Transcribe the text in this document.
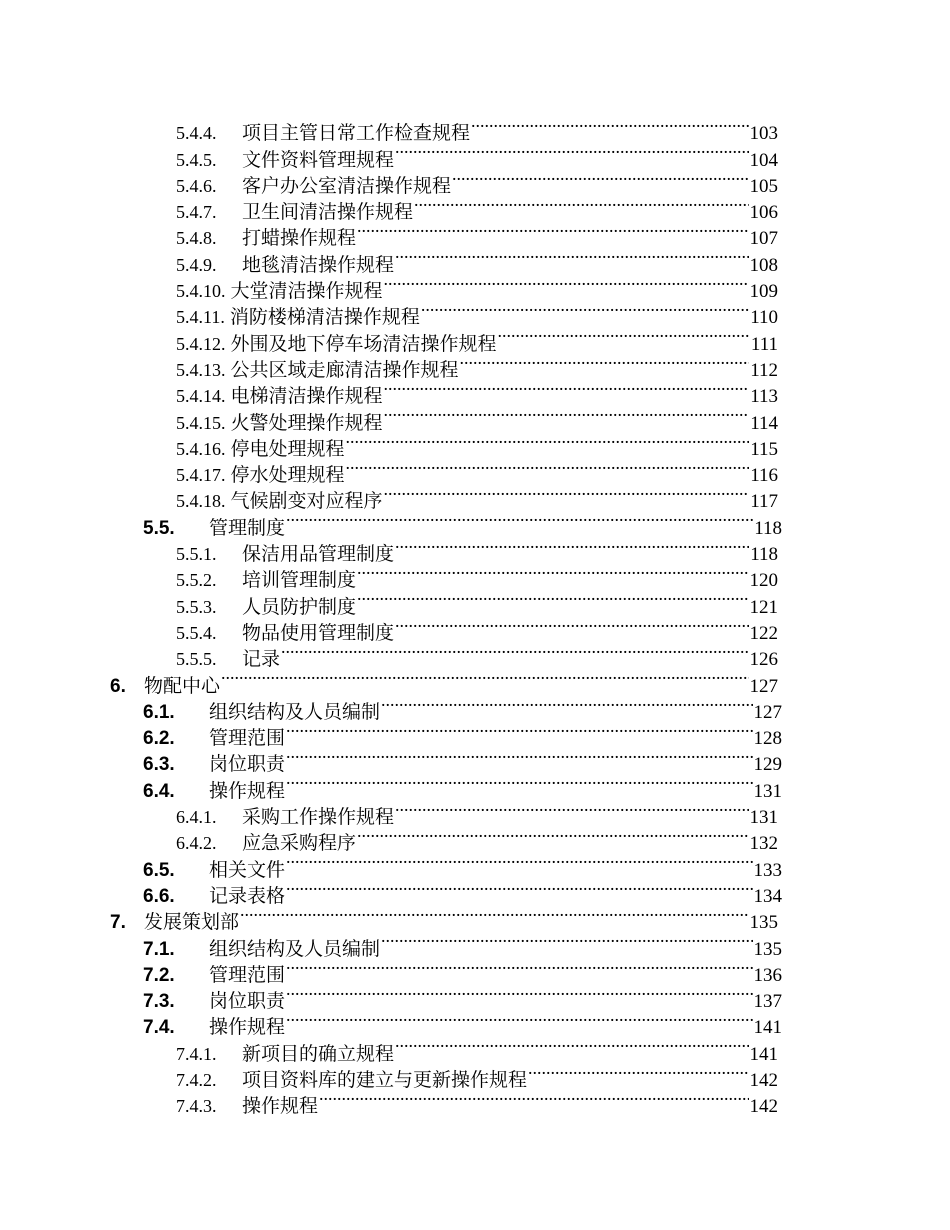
5.4.4.	项目主管日常工作检查规程 .....	103
5.4.5.	文件资料管理规程 .....	104
5.4.6.	客户办公室清洁操作规程 .....	105
5.4.7.	卫生间清洁操作规程 .....	106
5.4.8.	打蜡操作规程 .....	107
5.4.9.	地毯清洁操作规程 .....	108
5.4.10. 大堂清洁操作规程 .....	109
5.4.11. 消防楼梯清洁操作规程 .....	110
5.4.12. 外围及地下停车场清洁操作规程 .....	111
5.4.13. 公共区域走廊清洁操作规程 .....	112
5.4.14. 电梯清洁操作规程 .....	113
5.4.15. 火警处理操作规程 .....	114
5.4.16. 停电处理规程 .....	115
5.4.17. 停水处理规程 .....	116
5.4.18. 气候剧变对应程序 .....	117
5.5.	管理制度 .....	118
5.5.1.	保洁用品管理制度 .....	118
5.5.2.	培训管理制度 .....	120
5.5.3.	人员防护制度 .....	121
5.5.4.	物品使用管理制度 .....	122
5.5.5.	记录 .....	126
6. 物配中心 .....	127
6.1.	组织结构及人员编制 .....	127
6.2.	管理范围 .....	128
6.3.	岗位职责 .....	129
6.4.	操作规程 .....	131
6.4.1.	采购工作操作规程 .....	131
6.4.2.	应急采购程序 .....	132
6.5.	相关文件 .....	133
6.6.	记录表格 .....	134
7. 发展策划部 .....	135
7.1.	组织结构及人员编制 .....	135
7.2.	管理范围 .....	136
7.3.	岗位职责 .....	137
7.4.	操作规程 .....	141
7.4.1.	新项目的确立规程 .....	141
7.4.2.	项目资料库的建立与更新操作规程 .....	142
7.4.3.	操作规程 .....	142
